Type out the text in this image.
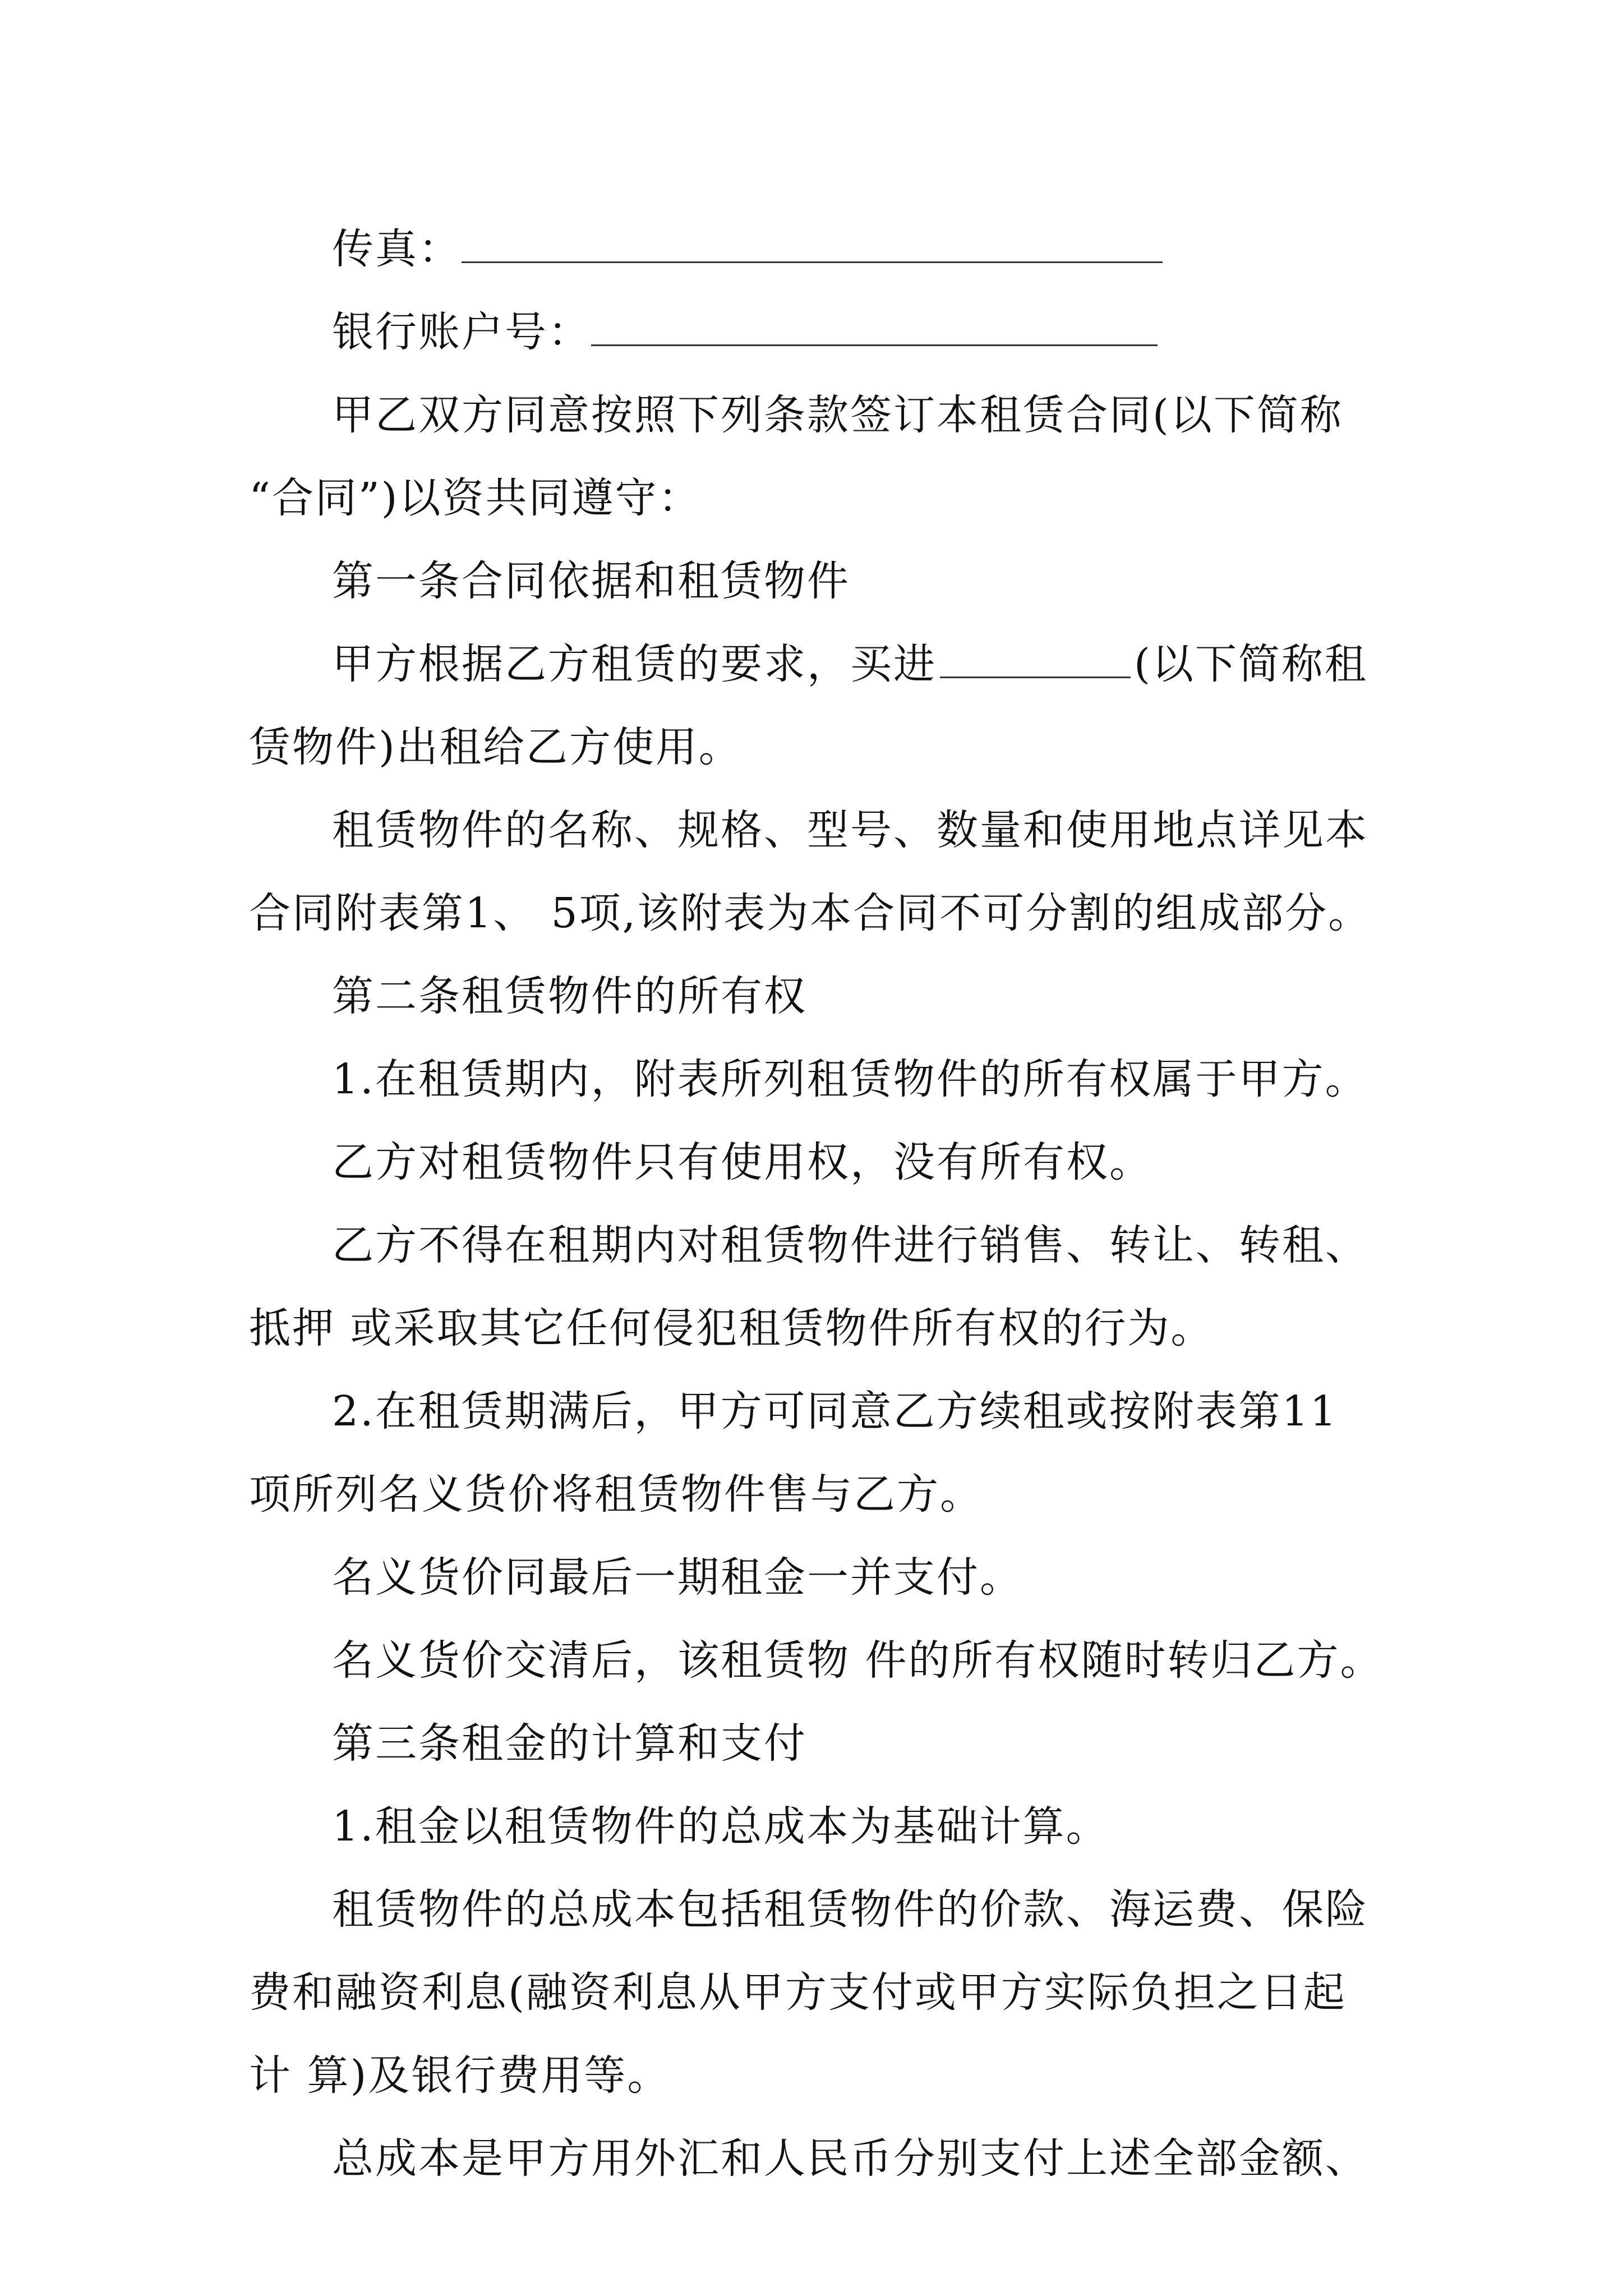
传真：
银行账户号：
甲乙双方同意按照下列条款签订本租赁合同(以下简称
“合同”)以资共同遵守：
第一条合同依据和租赁物件
甲方根据乙方租赁的要求，买进	(以下简称租
赁物件)出租给乙方使用。
租赁物件的名称、规格、型号、数量和使用地点详见本
合同附表第1、 5项,该附表为本合同不可分割的组成部分。
第二条租赁物件的所有权
1.在租赁期内，附表所列租赁物件的所有权属于甲方。
乙方对租赁物件只有使用权，没有所有权。
乙方不得在租期内对租赁物件进行销售、转让、转租、
抵押 或采取其它任何侵犯租赁物件所有权的行为。
2.在租赁期满后，甲方可同意乙方续租或按附表第11
项所列名义货价将租赁物件售与乙方。
名义货价同最后一期租金一并支付。
名义货价交清后，该租赁物 件的所有权随时转归乙方。
第三条租金的计算和支付
1.租金以租赁物件的总成本为基础计算。
租赁物件的总成本包括租赁物件的价款、海运费、保险
费和融资利息(融资利息从甲方支付或甲方实际负担之日起
计 算)及银行费用等。
总成本是甲方用外汇和人民币分别支付上述全部金额、
